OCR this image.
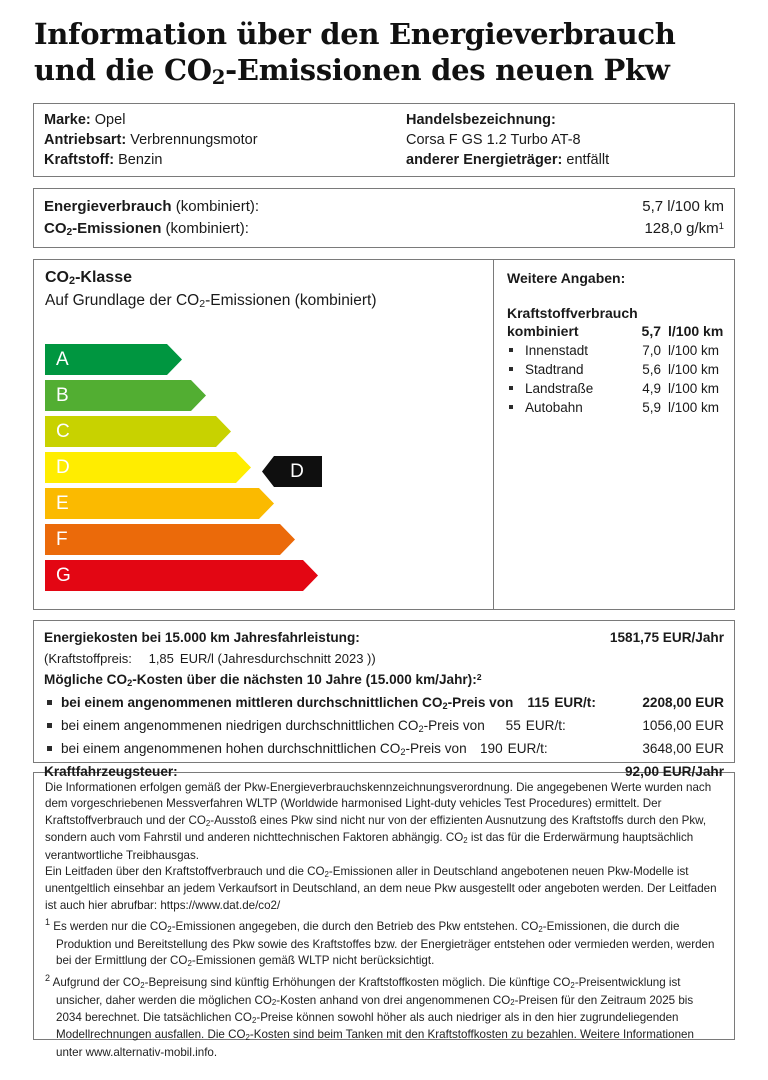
Information über den Energieverbrauch
und die $CO_2$-Emissionen des neuen Pkw
Marke: Opel
Antriebsart: Verbrennungsmotor
Kraftstoff: Benzin
Handelsbezeichnung:
Corsa F GS 1.2 Turbo AT-8
anderer Energieträger: entfällt
Energieverbrauch (kombiniert):	5,7 l/100 km
$CO_2$-Emissionen (kombiniert):	128,0 $g/km^1$
$CO_2$-Klasse
Auf Grundlage der $CO_2$-Emissionen (kombiniert)
A
B
C
D
E
F
G
D
Weitere Angaben:
Kraftstoffverbrauch
kombiniert	5,7 l/100 km
Innenstadt	7,0 l/100 km
Stadtrand	5,6 l/100 km
Landstraße	4,9 l/100 km
Autobahn	5,9 l/100 km
Energiekosten bei 15.000 km Jahresfahrleistung:	1581,75 EUR/Jahr
(Kraftstoffpreis: 1,85 EUR/l (Jahresdurchschnitt 2023 ))
Mögliche $CO_2$-Kosten über die nächsten 10 Jahre (15.000 km/Jahr):$^2$
bei einem angenommenen mittleren durchschnittlichen $CO_2$-Preis von 115 EUR/t:	2208,00 EUR
bei einem angenommenen niedrigen durchschnittlichen $CO_2$-Preis von 55 EUR/t:	1056,00 EUR
bei einem angenommenen hohen durchschnittlichen $CO_2$-Preis von 190 EUR/t:	3648,00 EUR
Kraftfahrzeugsteuer:	92,00 EUR/Jahr

Die Informationen erfolgen gemäß der Pkw-Energieverbrauchskennzeichnungsverordnung. Die angegebenen Werte wurden nach dem vorgeschriebenen Messverfahren WLTP (Worldwide harmonised Light-duty vehicles Test Procedures) ermittelt. Der Kraftstoffverbrauch und der $CO_2$-Ausstoß eines Pkw sind nicht nur von der effizienten Ausnutzung des Kraftstoffs durch den Pkw, sondern auch vom Fahrstil und anderen nichttechnischen Faktoren abhängig. $CO_2$ ist das für die Erderwärmung hauptsächlich verantwortliche Treibhausgas.

Ein Leitfaden über den Kraftstoffverbrauch und die $CO_2$-Emissionen aller in Deutschland angebotenen neuen Pkw-Modelle ist unentgeltlich einsehbar an jedem Verkaufsort in Deutschland, an dem neue Pkw ausgestellt oder angeboten werden. Der Leitfaden ist auch hier abrufbar: https://www.dat.de/co2/

$^1$ Es werden nur die $CO_2$-Emissionen angegeben, die durch den Betrieb des Pkw entstehen. $CO_2$-Emissionen, die durch die Produktion und Bereitstellung des Pkw sowie des Kraftstoffes bzw. der Energieträger entstehen oder vermieden werden, werden bei der Ermittlung der $CO_2$-Emissionen gemäß WLTP nicht berücksichtigt.

$^2$ Aufgrund der $CO_2$-Bepreisung sind künftig Erhöhungen der Kraftstoffkosten möglich. Die künftige $CO_2$-Preisentwicklung ist unsicher, daher werden die möglichen $CO_2$-Kosten anhand von drei angenommenen $CO_2$-Preisen für den Zeitraum 2025 bis 2034 berechnet. Die tatsächlichen $CO_2$-Preise können sowohl höher als auch niedriger als in den hier zugrundeliegenden Modellrechnungen ausfallen. Die $CO_2$-Kosten sind beim Tanken mit den Kraftstoffkosten zu bezahlen. Weitere Informationen unter www.alternativ-mobil.info.
